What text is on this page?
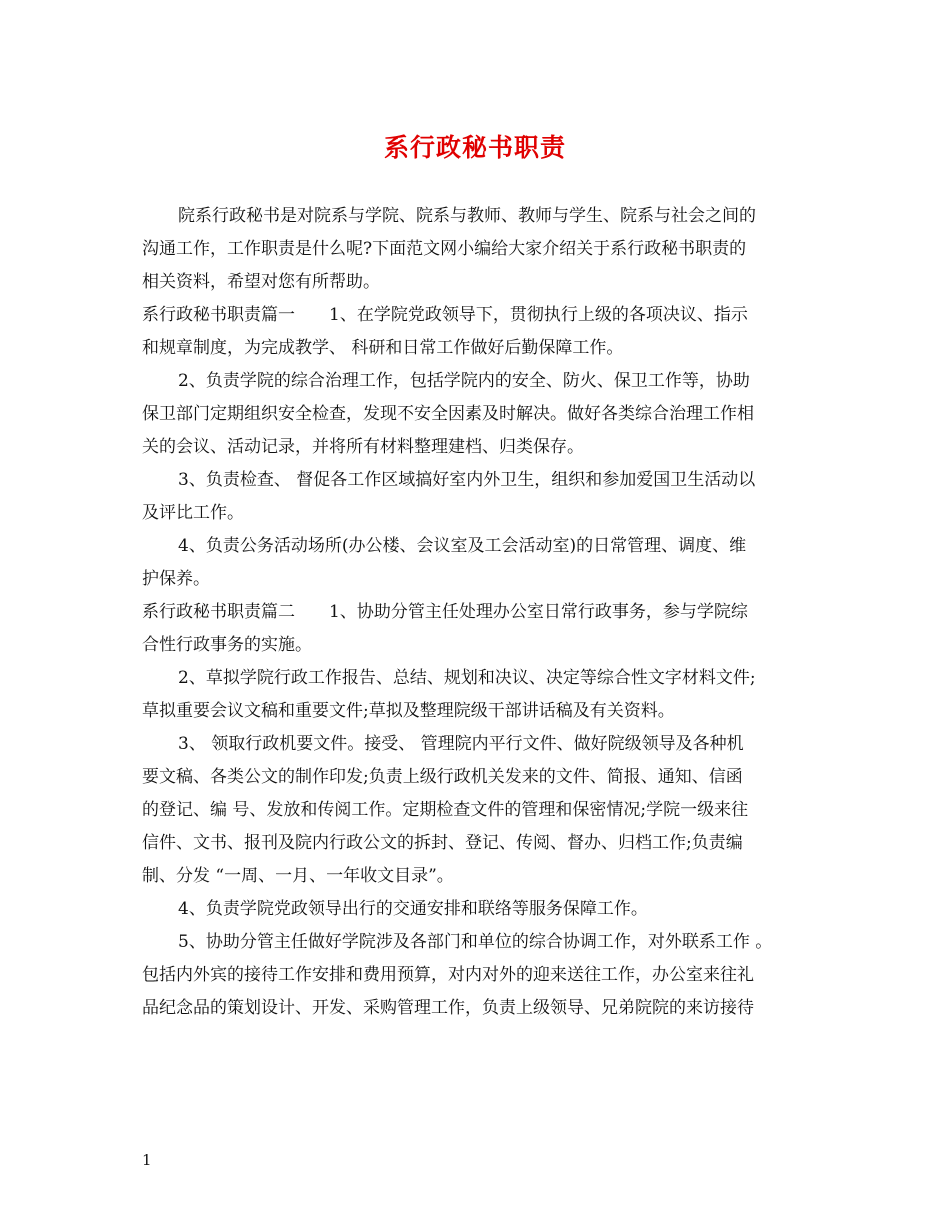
系行政秘书职责
院系行政秘书是对院系与学院、院系与教师、教师与学生、院系与社会之间的
沟通工作，工作职责是什么呢?下面范文网小编给大家介绍关于系行政秘书职责的
相关资料，希望对您有所帮助。
系行政秘书职责篇一　　1、在学院党政领导下，贯彻执行上级的各项决议、指示
和规章制度，为完成教学、 科研和日常工作做好后勤保障工作。
2、负责学院的综合治理工作，包括学院内的安全、防火、保卫工作等，协助
保卫部门定期组织安全检查，发现不安全因素及时解决。做好各类综合治理工作相
关的会议、活动记录，并将所有材料整理建档、归类保存。
3、负责检查、 督促各工作区域搞好室内外卫生，组织和参加爱国卫生活动以
及评比工作。
4、负责公务活动场所(办公楼、会议室及工会活动室)的日常管理、调度、维
护保养。
系行政秘书职责篇二　　1、协助分管主任处理办公室日常行政事务，参与学院综
合性行政事务的实施。
2、草拟学院行政工作报告、总结、规划和决议、决定等综合性文字材料文件;
草拟重要会议文稿和重要文件;草拟及整理院级干部讲话稿及有关资料。
3、 领取行政机要文件。接受、 管理院内平行文件、做好院级领导及各种机
要文稿、各类公文的制作印发;负责上级行政机关发来的文件、简报、通知、信函
的登记、编 号、发放和传阅工作。定期检查文件的管理和保密情况;学院一级来往
信件、文书、报刊及院内行政公文的拆封、登记、传阅、督办、归档工作;负责编
制、分发 “一周、一月、一年收文目录”。
4、负责学院党政领导出行的交通安排和联络等服务保障工作。
5、协助分管主任做好学院涉及各部门和单位的综合协调工作，对外联系工作 。
包括内外宾的接待工作安排和费用预算，对内对外的迎来送往工作，办公室来往礼
品纪念品的策划设计、开发、采购管理工作，负责上级领导、兄弟院院的来访接待
1
